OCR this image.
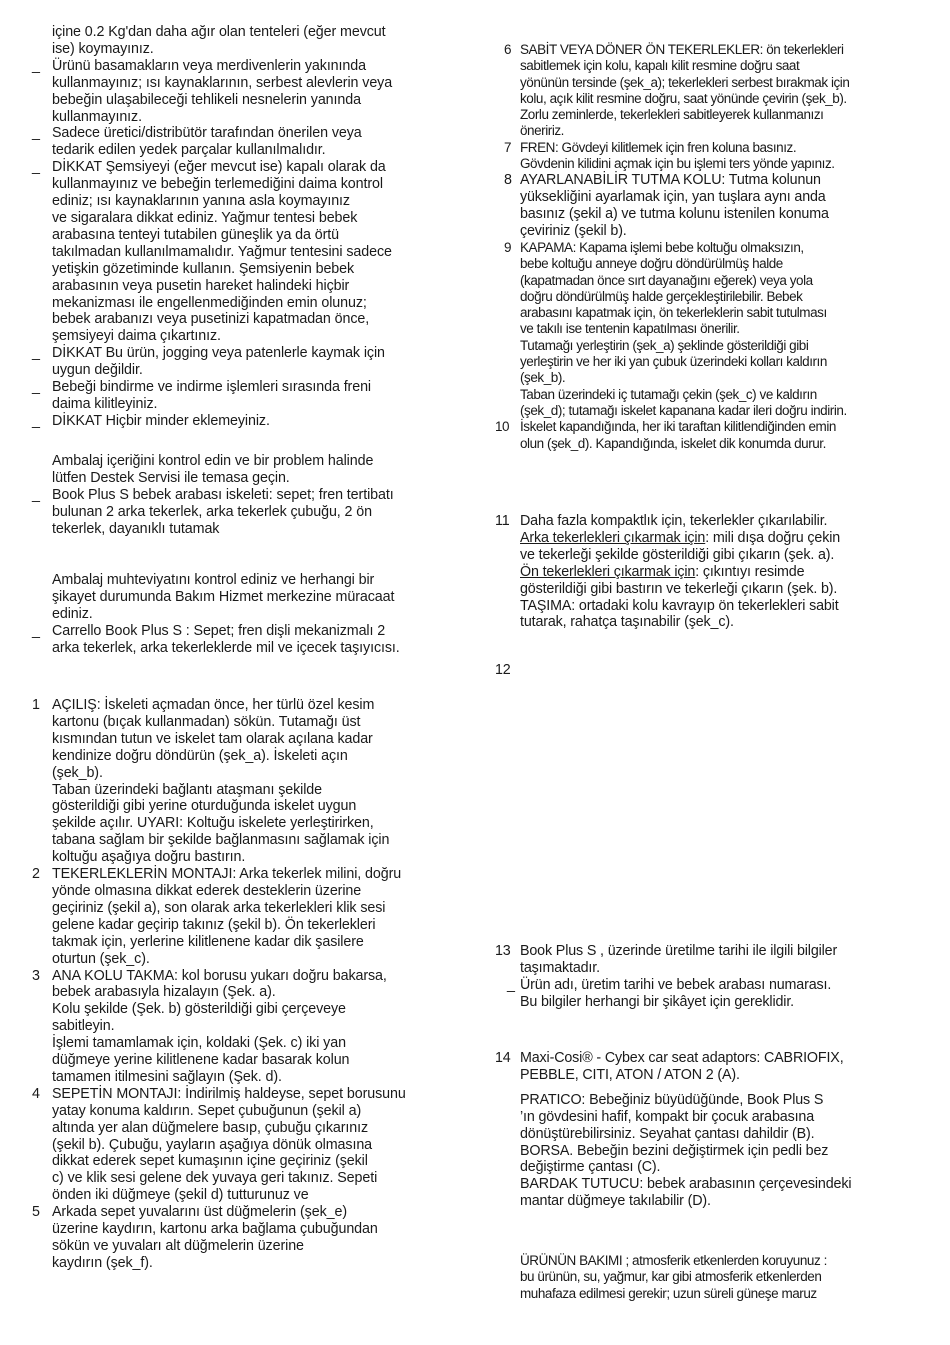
içine 0.2 Kg'dan daha ağır olan tenteleri (eğer mevcut
ise) koymayınız.
_ Ürünü basamakların veya merdivenlerin yakınında
kullanmayınız; ısı kaynaklarının, serbest alevlerin veya
bebeğin ulaşabileceği tehlikeli nesnelerin yanında
kullanmayınız.
_ Sadece üretici/distribütör tarafından önerilen veya
tedarik edilen yedek parçalar kullanılmalıdır.
_ DİKKAT Şemsiyeyi (eğer mevcut ise) kapalı olarak da
kullanmayınız ve bebeğin terlemediğini daima kontrol
ediniz; ısı kaynaklarının yanına asla koymayınız
ve sigaralara dikkat ediniz. Yağmur tentesi bebek
arabasına tenteyi tutabilen güneşlik ya da örtü
takılmadan kullanılmamalıdır. Yağmur tentesini sadece
yetişkin gözetiminde kullanın. Şemsiyenin bebek
arabasının veya pusetin hareket halindeki hiçbir
mekanizması ile engellenmediğinden emin olunuz;
bebek arabanızı veya pusetinizi kapatmadan önce,
şemsiyeyi daima çıkartınız.
_ DİKKAT Bu ürün, jogging veya patenlerle kaymak için
uygun değildir.
_ Bebeği bindirme ve indirme işlemleri sırasında freni
daima kilitleyiniz.
_ DİKKAT Hiçbir minder eklemeyiniz.
Ambalaj içeriğini kontrol edin ve bir problem halinde
lütfen Destek Servisi ile temasa geçin.
_ Book Plus S bebek arabası iskeleti: sepet; fren tertibatı
bulunan 2 arka tekerlek, arka tekerlek çubuğu, 2 ön
tekerlek, dayanıklı tutamak
Ambalaj muhteviyatını kontrol ediniz ve herhangi bir
şikayet durumunda Bakım Hizmet merkezine müracaat
ediniz.
_ Carrello Book Plus S : Sepet; fren dişli mekanizmalı 2
arka tekerlek, arka tekerleklerde mil ve içecek taşıyıcısı.
1 AÇILIŞ: İskeleti açmadan önce, her türlü özel kesim
kartonu (bıçak kullanmadan) sökün. Tutamağı üst
kısmından tutun ve iskelet tam olarak açılana kadar
kendinize doğru döndürün (şek_a). İskeleti açın
(şek_b).
Taban üzerindeki bağlantı ataşmanı şekilde
gösterildiği gibi yerine oturduğunda iskelet uygun
şekilde açılır. UYARI: Koltuğu iskelete yerleştirirken,
tabana sağlam bir şekilde bağlanmasını sağlamak için
koltuğu aşağıya doğru bastırın.
2 TEKERLEKLERİN MONTAJI: Arka tekerlek milini, doğru
yönde olmasına dikkat ederek desteklerin üzerine
geçiriniz (şekil a), son olarak arka tekerlekleri klik sesi
gelene kadar geçirip takınız (şekil b). Ön tekerlekleri
takmak için, yerlerine kilitlenene kadar dik şasilere
oturtun (şek_c).
3 ANA KOLU TAKMA: kol borusu yukarı doğru bakarsa,
bebek arabasıyla hizalayın (Şek. a).
Kolu şekilde (Şek. b) gösterildiği gibi çerçeveye
sabitleyin.
İşlemi tamamlamak için, koldaki (Şek. c) iki yan
düğmeye yerine kilitlenene kadar basarak kolun
tamamen itilmesini sağlayın (Şek. d).
4 SEPETİN MONTAJI: İndirilmiş haldeyse, sepet borusunu
yatay konuma kaldırın. Sepet çubuğunun (şekil a)
altında yer alan düğmelere basıp, çubuğu çıkarınız
(şekil b). Çubuğu, yayların aşağıya dönük olmasına
dikkat ederek sepet kumaşının içine geçiriniz (şekil
c) ve klik sesi gelene dek yuvaya geri takınız. Sepeti
önden iki düğmeye (şekil d) tutturunuz ve
5 Arkada sepet yuvalarını üst düğmelerin (şek_e)
üzerine kaydırın, kartonu arka bağlama çubuğundan
sökün ve yuvaları alt düğmelerin üzerine
kaydırın (şek_f).
6 SABİT VEYA DÖNER ÖN TEKERLEKLER: ön tekerlekleri
sabitlemek için kolu, kapalı kilit resmine doğru saat
yönünün tersinde (şek_a); tekerlekleri serbest bırakmak için
kolu, açık kilit resmine doğru, saat yönünde çevirin (şek_b).
Zorlu zeminlerde, tekerlekleri sabitleyerek kullanmanızı
öneririz.
7 FREN: Gövdeyi kilitlemek için fren koluna basınız.
Gövdenin kilidini açmak için bu işlemi ters yönde yapınız.
8 AYARLANABİLİR TUTMA KOLU: Tutma kolunun
yüksekliğini ayarlamak için, yan tuşlara aynı anda
basınız (şekil a) ve tutma kolunu istenilen konuma
çeviriniz (şekil b).
9 KAPAMA: Kapama işlemi bebe koltuğu olmaksızın,
bebe koltuğu anneye doğru döndürülmüş halde
(kapatmadan önce sırt dayanağını eğerek) veya yola
doğru döndürülmüş halde gerçekleştirilebilir. Bebek
arabasını kapatmak için, ön tekerleklerin sabit tutulması
ve takılı ise tentenin kapatılması önerilir.
Tutamağı yerleştirin (şek_a) şeklinde gösterildiği gibi
yerleştirin ve her iki yan çubuk üzerindeki kolları kaldırın
(şek_b).
Taban üzerindeki iç tutamağı çekin (şek_c) ve kaldırın
(şek_d); tutamağı iskelet kapanana kadar ileri doğru indirin.
10 İskelet kapandığında, her iki taraftan kilitlendiğinden emin
olun (şek_d). Kapandığında, iskelet dik konumda durur.
11 Daha fazla kompaktlık için, tekerlekler çıkarılabilir.
Arka tekerlekleri çıkarmak için: mili dışa doğru çekin
ve tekerleği şekilde gösterildiği gibi çıkarın (şek. a).
Ön tekerlekleri çıkarmak için: çıkıntıyı resimde
gösterildiği gibi bastırın ve tekerleği çıkarın (şek. b).
TAŞIMA: ortadaki kolu kavrayıp ön tekerlekleri sabit
tutarak, rahatça taşınabilir (şek_c).
12
13 Book Plus S , üzerinde üretilme tarihi ile ilgili bilgiler
taşımaktadır.
_ Ürün adı, üretim tarihi ve bebek arabası numarası.
Bu bilgiler herhangi bir şikâyet için gereklidir.
14 Maxi-Cosi® - Cybex car seat adaptors: CABRIOFIX,
PEBBLE, CITI, ATON / ATON 2 (A).
PRATICO: Bebeğiniz büyüdüğünde, Book Plus S
’ın gövdesini hafif, kompakt bir çocuk arabasına
dönüştürebilirsiniz. Seyahat çantası dahildir (B).
BORSA. Bebeğin bezini değiştirmek için pedli bez
değiştirme çantası (C).
BARDAK TUTUCU: bebek arabasının çerçevesindeki
mantar düğmeye takılabilir (D).
ÜRÜNÜN BAKIMI ; atmosferik etkenlerden koruyunuz :
bu ürünün, su, yağmur, kar gibi atmosferik etkenlerden
muhafaza edilmesi gerekir; uzun süreli güneşe maruz
